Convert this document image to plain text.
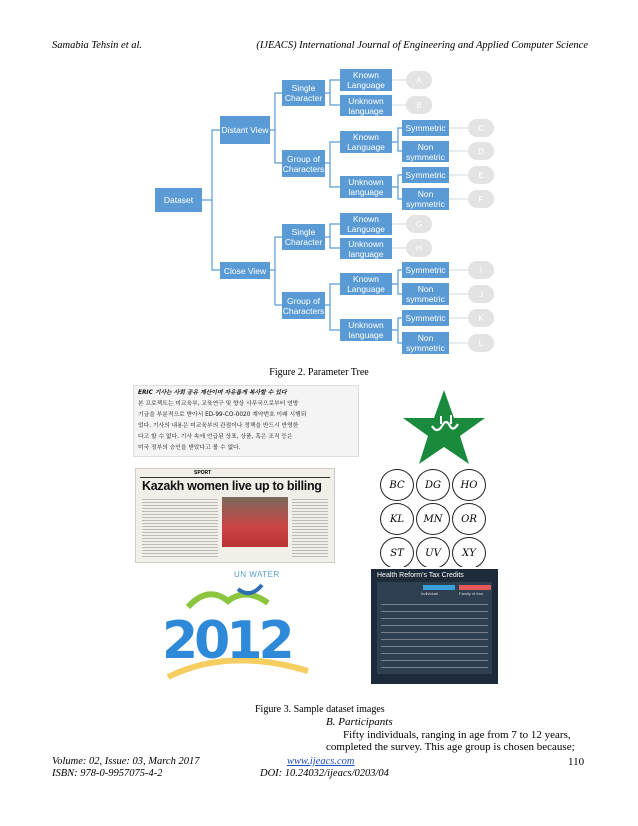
Samabia Tehsin et al.	(IJEACS) International Journal of Engineering and Applied Computer Science
Dataset
Distant View
Close View
Single Character
Group of Characters
Single Character
Group of Characters
Known Language
Unknown language
Known Language
Unknown language
Known Language
Unknown language
Known Language
Unknown language
Symmetric
Non symmetric
Symmetric
Non symmetric
Symmetric
Non symmetric
Symmetric
Non symmetric
A
B
C
D
E
F
G
H
I
J
K
L
Figure 2. Parameter Tree
ERIC 기사는 사회 공유 제산이며 자유롭게 복사할 수 있다
본 프로젝트는 미교육부, 교육연구 및 향상 사무국으로부터 연방
기금을 부분적으로 받아서 ED-99-CO-0020 계약번호 이래 시행되
었다. 기사의 내용은 미교육부의 관점이나 정책을 반드시 반영한
다고 할 수 없다. 기사 속에 언급된 상표, 상품, 혹은 조직 등은
미국 정부의 승인을 받았다고 볼 수 없다.
SPORT
Kazakh women live up to billing	BC	DG	HO
KL	MN	OR
ST	UV	XY
UN WATER
2012
Health Reform's Tax Credits
Individual	Family of four
Figure 3. Sample dataset images
B. Participants
Fifty individuals, ranging in age from 7 to 12 years,
completed the survey. This age group is chosen because;
Volume: 02, Issue: 03, March 2017	www.ijeacs.com	110
ISBN: 978-0-9957075-4-2	DOI: 10.24032/ijeacs/0203/04
